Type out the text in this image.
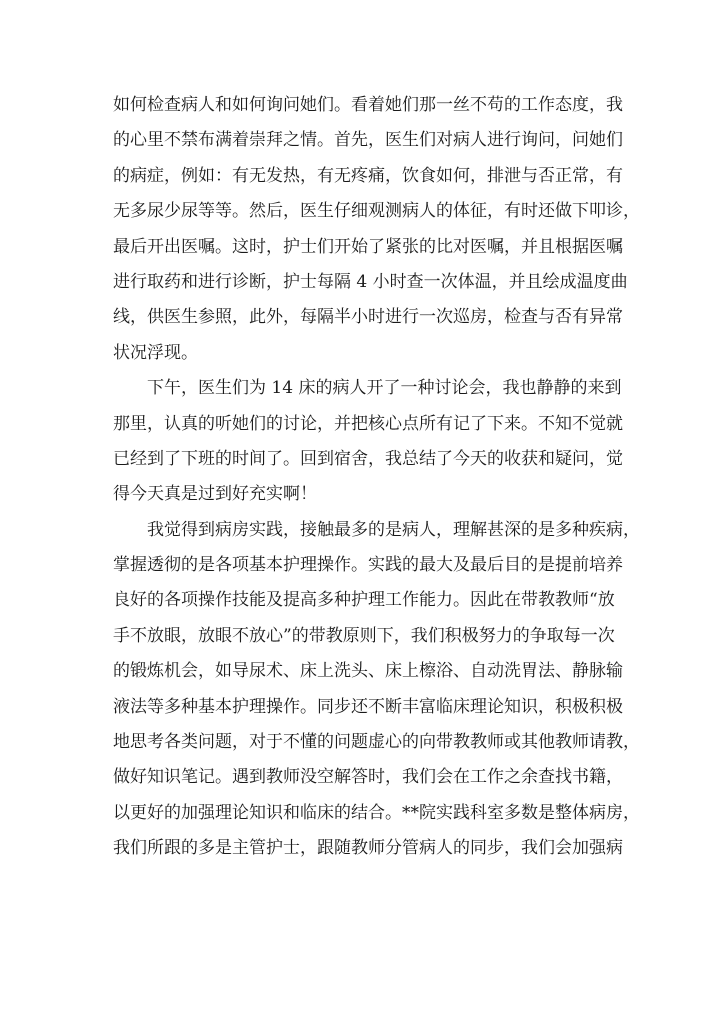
如何检查病人和如何询问她们。看着她们那一丝不苟的工作态度，我
的心里不禁布满着崇拜之情。首先，医生们对病人进行询问，问她们
的病症，例如：有无发热，有无疼痛，饮食如何，排泄与否正常，有
无多尿少尿等等。然后，医生仔细观测病人的体征，有时还做下叩诊，
最后开出医嘱。这时，护士们开始了紧张的比对医嘱，并且根据医嘱
进行取药和进行诊断，护士每隔 4 小时查一次体温，并且绘成温度曲
线，供医生参照，此外，每隔半小时进行一次巡房，检查与否有异常
状况浮现。
下午，医生们为 14 床的病人开了一种讨论会，我也静静的来到
那里，认真的听她们的讨论，并把核心点所有记了下来。不知不觉就
已经到了下班的时间了。回到宿舍，我总结了今天的收获和疑问，觉
得今天真是过到好充实啊！
我觉得到病房实践，接触最多的是病人，理解甚深的是多种疾病，
掌握透彻的是各项基本护理操作。实践的最大及最后目的是提前培养
良好的各项操作技能及提高多种护理工作能力。因此在带教教师“放
手不放眼，放眼不放心”的带教原则下，我们积极努力的争取每一次
的锻炼机会，如导尿术、床上洗头、床上檫浴、自动洗胃法、静脉输
液法等多种基本护理操作。同步还不断丰富临床理论知识，积极积极
地思考各类问题，对于不懂的问题虚心的向带教教师或其他教师请教，
做好知识笔记。遇到教师没空解答时，我们会在工作之余查找书籍，
以更好的加强理论知识和临床的结合。**院实践科室多数是整体病房，
我们所跟的多是主管护士，跟随教师分管病人的同步，我们会加强病
